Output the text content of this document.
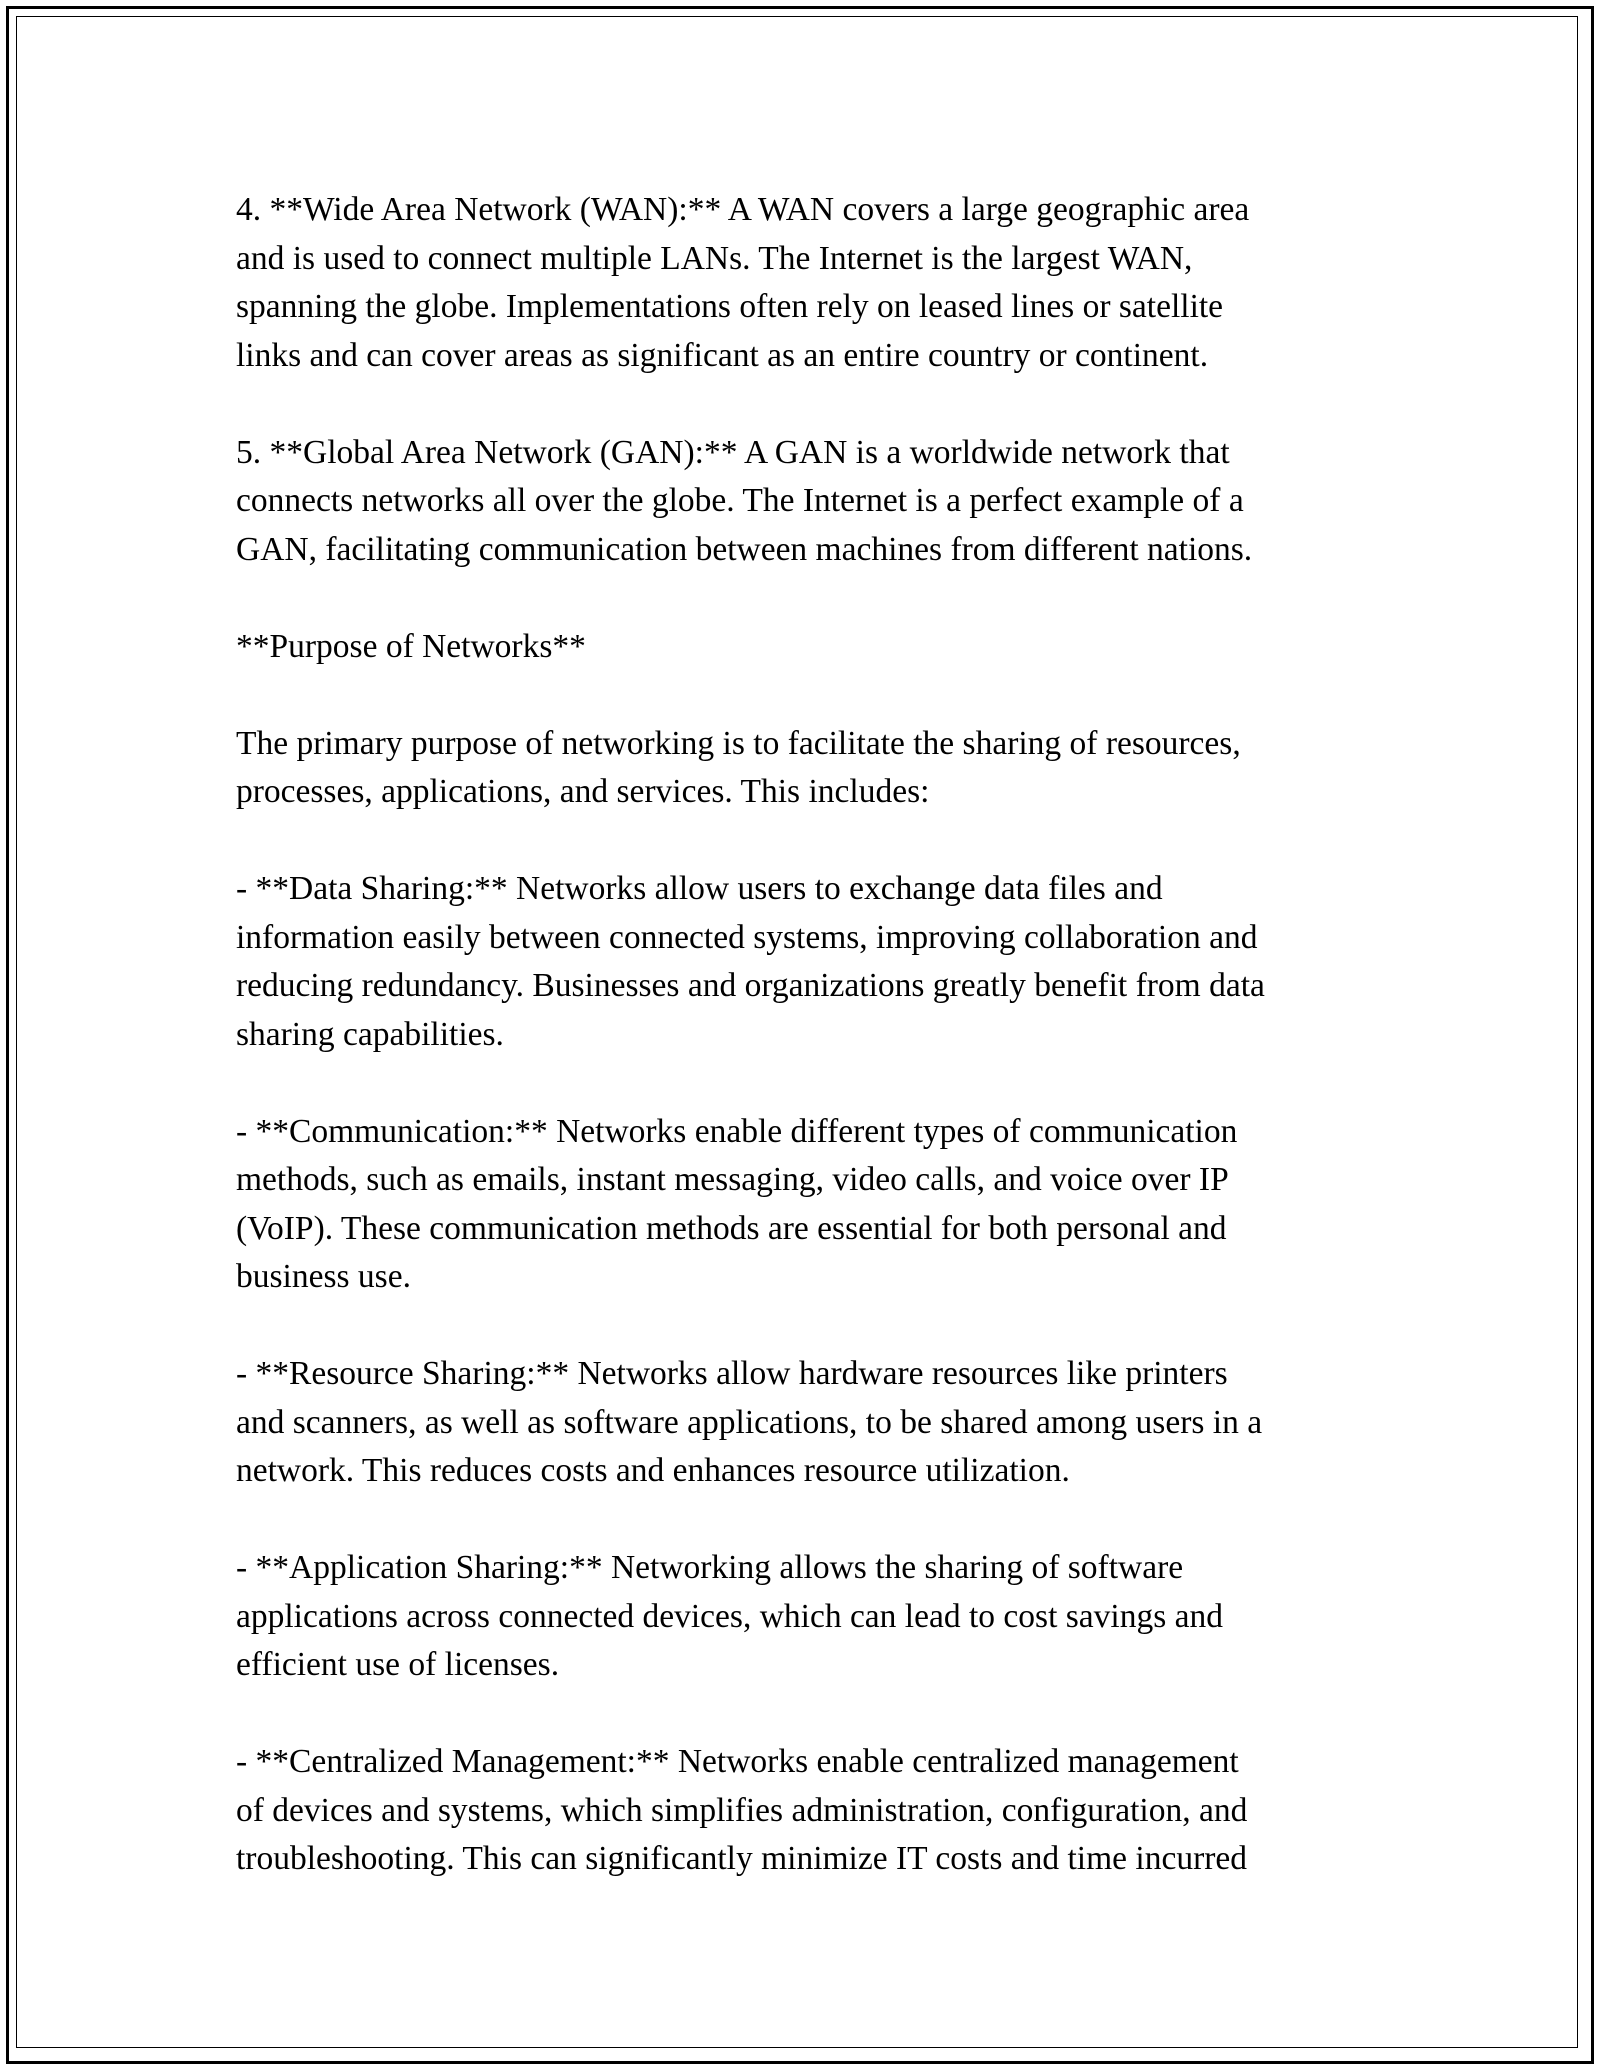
4. **Wide Area Network (WAN):** A WAN covers a large geographic area
and is used to connect multiple LANs. The Internet is the largest WAN,
spanning the globe. Implementations often rely on leased lines or satellite
links and can cover areas as significant as an entire country or continent.

5. **Global Area Network (GAN):** A GAN is a worldwide network that
connects networks all over the globe. The Internet is a perfect example of a
GAN, facilitating communication between machines from different nations.

**Purpose of Networks**

The primary purpose of networking is to facilitate the sharing of resources,
processes, applications, and services. This includes:

- **Data Sharing:** Networks allow users to exchange data files and
information easily between connected systems, improving collaboration and
reducing redundancy. Businesses and organizations greatly benefit from data
sharing capabilities.

- **Communication:** Networks enable different types of communication
methods, such as emails, instant messaging, video calls, and voice over IP
(VoIP). These communication methods are essential for both personal and
business use.

- **Resource Sharing:** Networks allow hardware resources like printers
and scanners, as well as software applications, to be shared among users in a
network. This reduces costs and enhances resource utilization.

- **Application Sharing:** Networking allows the sharing of software
applications across connected devices, which can lead to cost savings and
efficient use of licenses.

- **Centralized Management:** Networks enable centralized management
of devices and systems, which simplifies administration, configuration, and
troubleshooting. This can significantly minimize IT costs and time incurred
